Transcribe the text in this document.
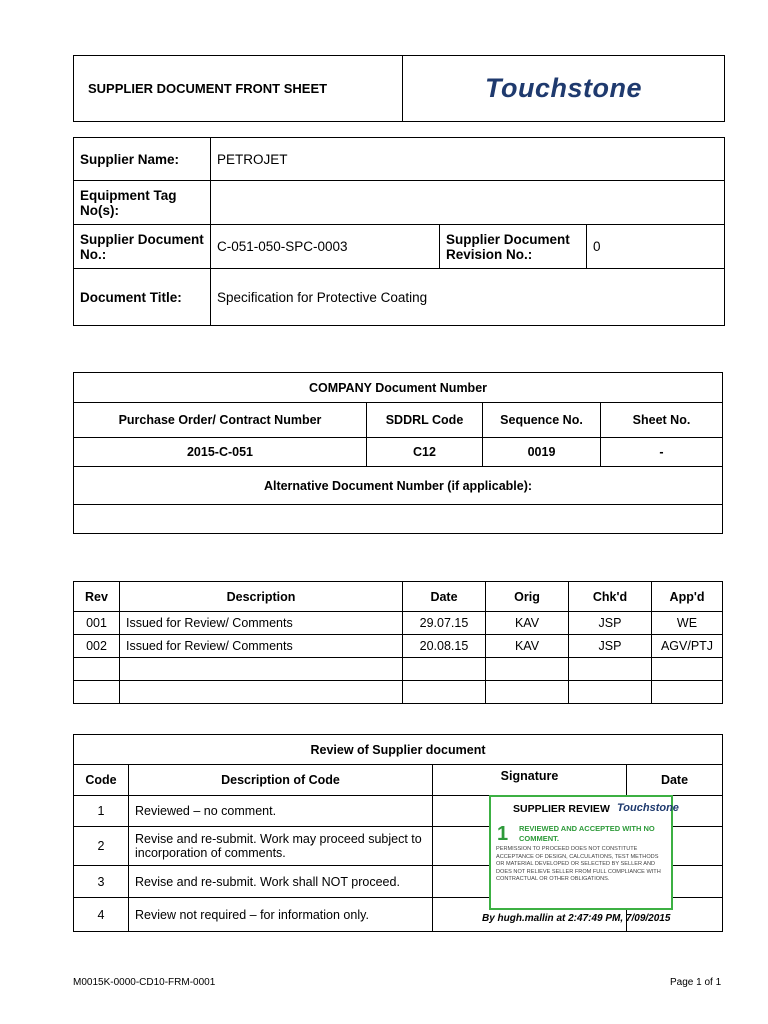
SUPPLIER DOCUMENT FRONT SHEET	Touchstone
Supplier Name:	PETROJET		
Equipment Tag No(s):			
Supplier Document No.:	C-051-050-SPC-0003	Supplier Document Revision No.:	0
Document Title:	Specification for Protective Coating		
COMPANY Document Number			
Purchase Order/ Contract Number	SDDRL Code	Sequence No.	Sheet No.
2015-C-051	C12	0019	-
Alternative Document Number (if applicable):			

Rev	Description	Date	Orig	Chk'd	App'd
001	Issued for Review/ Comments	29.07.15	KAV	JSP	WE
002	Issued for Review/ Comments	20.08.15	KAV	JSP	AGV/PTJ

Review of Supplier document			
Code	Description of Code	Signature	Date
1	Reviewed – no comment.		
2	Revise and re-submit. Work may proceed subject to incorporation of comments.		
3	Revise and re-submit. Work shall NOT proceed.		
4	Review not required – for information only.		
SUPPLIER REVIEW Touchstone
1 REVIEWED AND ACCEPTED WITH NO COMMENT.
PERMISSION TO PROCEED DOES NOT CONSTITUTE ACCEPTANCE OF DESIGN, CALCULATIONS, TEST METHODS OR MATERIAL DEVELOPED OR SELECTED BY SELLER AND DOES NOT RELIEVE SELLER FROM FULL COMPLIANCE WITH CONTRACTUAL OR OTHER OBLIGATIONS.
By hugh.mallin at 2:47:49 PM, 7/09/2015
M0015K-0000-CD10-FRM-0001	Page 1 of 1
